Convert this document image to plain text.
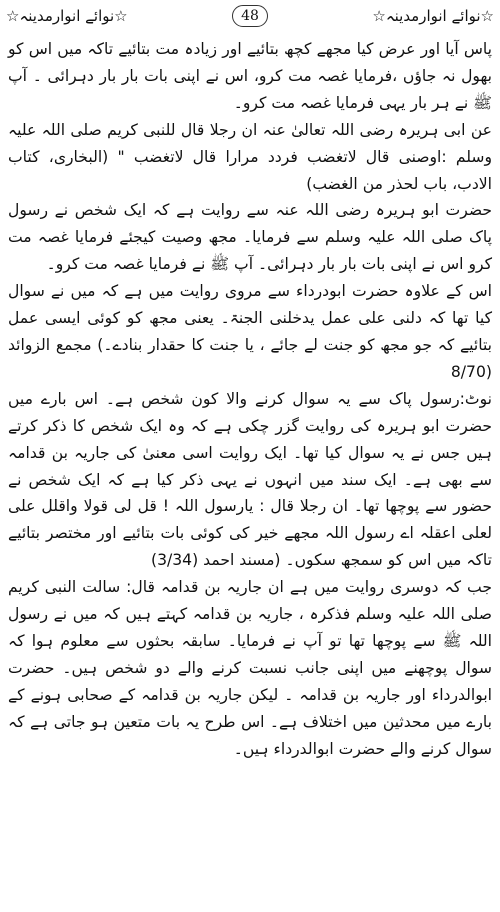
☆نوائے انوارمدینہ☆
48
☆نوائے انوارمدینہ☆

پاس آیا اور عرض کیا مجھے کچھ بتائیے اور زیادہ مت بتائیے تاکہ میں اس کو بھول نہ جاؤں ،فرمایا غصہ مت کرو، اس نے اپنی بات بار بار دہرائی ۔ آپ ﷺ نے ہر بار یہی فرمایا غصہ مت کرو۔

عن ابی ہریرہ رضی اللہ تعالیٰ عنہ ان رجلا قال للنبی کریم صلی اللہ علیہ وسلم :اوصنی قال لاتغضب فردد مرارا قال لاتغضب " (البخاری، کتاب الادب، باب لحذر من الغضب)

حضرت ابو ہریرہ رضی اللہ عنہ سے روایت ہے کہ ایک شخص نے رسول پاک صلی اللہ علیہ وسلم سے فرمایا۔ مجھ وصیت کیجئے فرمایا غصہ مت کرو اس نے اپنی بات بار بار دہرائی۔ آپ ﷺ نے فرمایا غصہ مت کرو۔

اس کے علاوہ حضرت ابودرداء سے مروی روایت میں ہے کہ میں نے سوال کیا تھا کہ دلنی علی عمل یدخلنی الجنۃ۔ یعنی مجھ کو کوئی ایسی عمل بتائیے کہ جو مجھ کو جنت لے جائے ، یا جنت کا حقدار بنادے۔) مجمع الزوائد (8/70

نوٹ:رسول پاک سے یہ سوال کرنے والا کون شخص ہے۔ اس بارے میں حضرت ابو ہریرہ کی روایت گزر چکی ہے کہ وہ ایک شخص کا ذکر کرتے ہیں جس نے یہ سوال کیا تھا۔ ایک روایت اسی معنیٰ کی جاریہ بن قدامہ سے بھی ہے۔ ایک سند میں انہوں نے یہی ذکر کیا ہے کہ ایک شخص نے حضور سے پوچھا تھا۔ ان رجلا قال : یارسول اللہ ! قل لی قولا واقلل علی لعلی اعقلہ اے رسول اللہ مجھے خیر کی کوئی بات بتائیے اور مختصر بتائیے تاکہ میں اس کو سمجھ سکوں۔ (مسند احمد (3/34)

جب کہ دوسری روایت میں ہے ان جاریہ بن قدامہ قال: سالت النبی کریم صلی اللہ علیہ وسلم فذکرہ ، جاریہ بن قدامہ کہتے ہیں کہ میں نے رسول اللہ ﷺ سے پوچھا تھا تو آپ نے فرمایا۔ سابقہ بحثوں سے معلوم ہوا کہ سوال پوچھنے میں اپنی جانب نسبت کرنے والے دو شخص ہیں۔ حضرت ابوالدرداء اور جاریہ بن قدامہ ۔ لیکن جاریہ بن قدامہ کے صحابی ہونے کے بارے میں محدثین میں اختلاف ہے۔ اس طرح یہ بات متعین ہو جاتی ہے کہ سوال کرنے والے حضرت ابوالدرداء ہیں۔
